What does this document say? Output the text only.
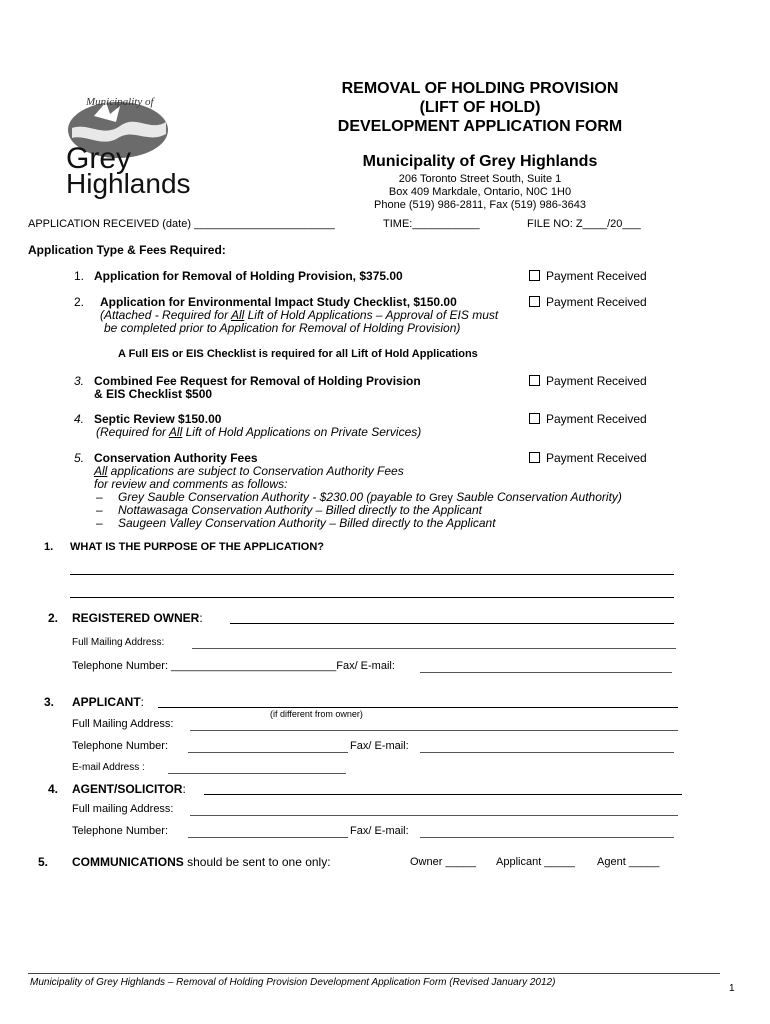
Municipality of
Grey
Highlands
REMOVAL OF HOLDING PROVISION
(LIFT OF HOLD)
DEVELOPMENT APPLICATION FORM
Municipality of Grey Highlands
206 Toronto Street South, Suite 1
Box 409 Markdale, Ontario, N0C 1H0
Phone (519) 986-2811, Fax (519) 986-3643
APPLICATION RECEIVED (date) _______________________	TIME:___________	FILE NO: Z____/20___
Application Type & Fees Required:
1. Application for Removal of Holding Provision, $375.00	Payment Received
2. Application for Environmental Impact Study Checklist, $150.00	Payment Received
(Attached - Required for All Lift of Hold Applications – Approval of EIS must
be completed prior to Application for Removal of Holding Provision)
A Full EIS or EIS Checklist is required for all Lift of Hold Applications
3. Combined Fee Request for Removal of Holding Provision
& EIS Checklist $500
Payment Received
4. Septic Review $150.00	Payment Received
(Required for All Lift of Hold Applications on Private Services)
5. Conservation Authority Fees	Payment Received
All applications are subject to Conservation Authority Fees
for review and comments as follows:
– Grey Sauble Conservation Authority - $230.00 (payable to Grey Sauble Conservation Authority)
– Nottawasaga Conservation Authority – Billed directly to the Applicant
– Saugeen Valley Conservation Authority – Billed directly to the Applicant
1. WHAT IS THE PURPOSE OF THE APPLICATION?
2. REGISTERED OWNER:
Full Mailing Address:
Telephone Number: ___________________________Fax/ E-mail:
3. APPLICANT:
(if different from owner)
Full Mailing Address:
Telephone Number:	Fax/ E-mail:
E-mail Address :
4. AGENT/SOLICITOR:
Full mailing Address:
Telephone Number:	Fax/ E-mail:
5. COMMUNICATIONS should be sent to one only:	Owner _____ Applicant _____ Agent _____
Municipality of Grey Highlands – Removal of Holding Provision Development Application Form (Revised January 2012)
1
